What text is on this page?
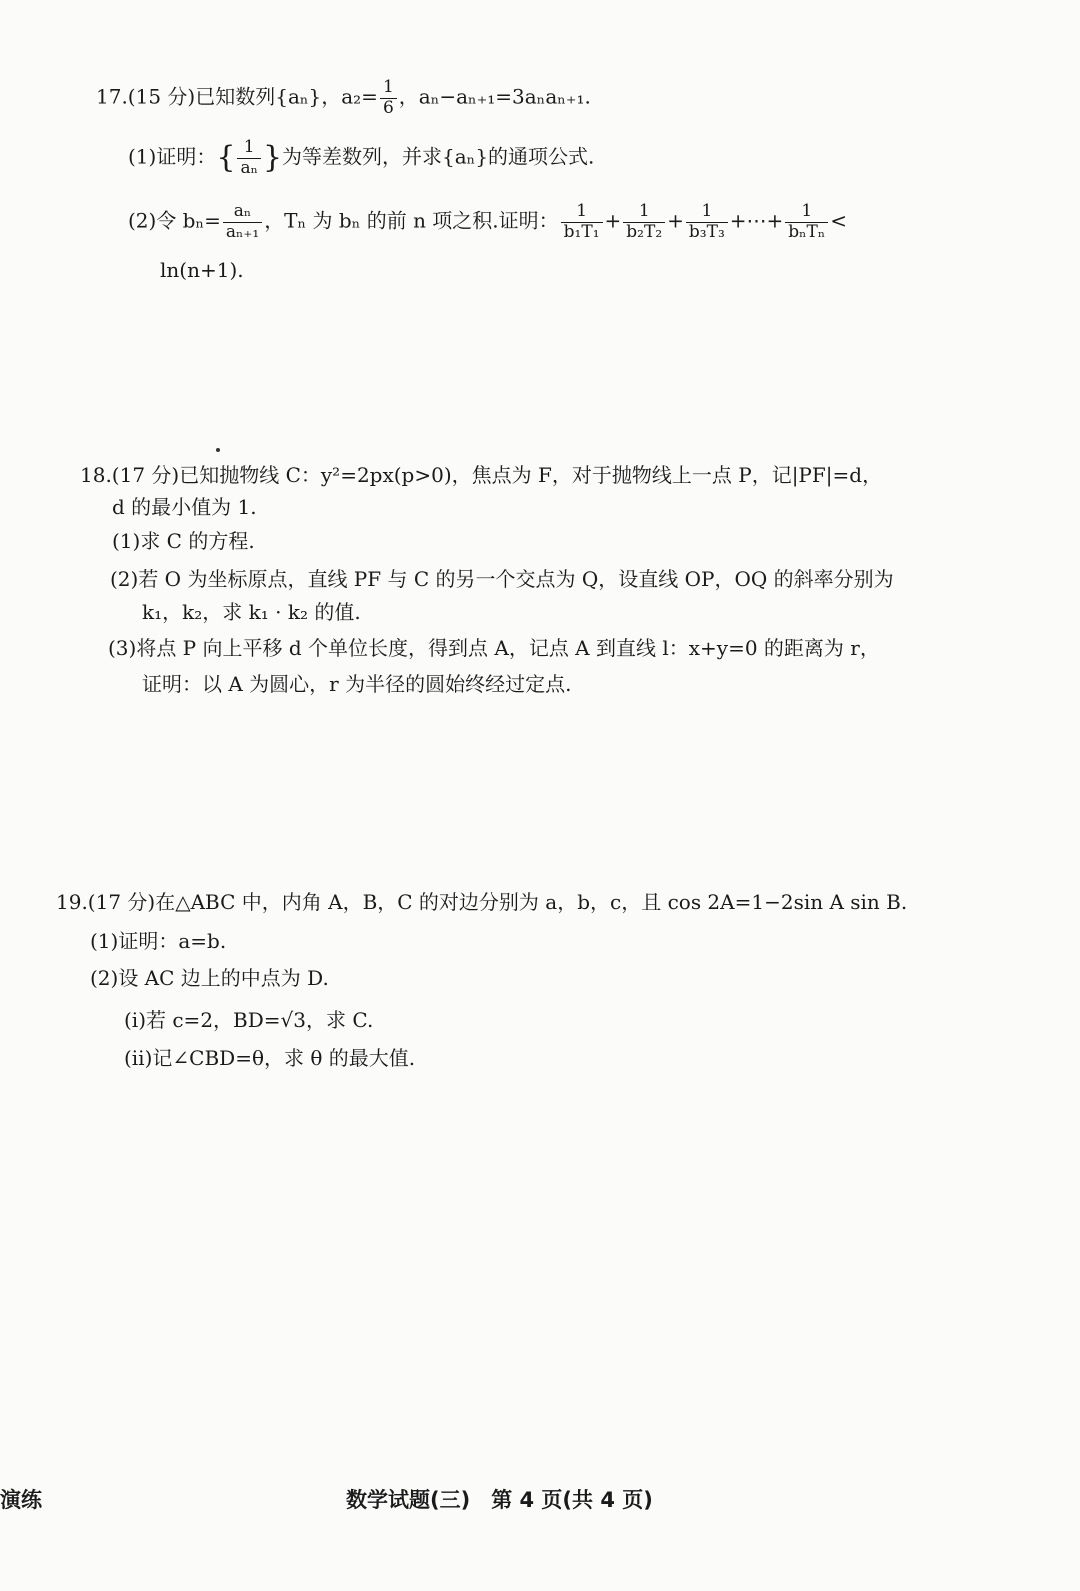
17.(15 分)已知数列{aₙ}，$a_2= \frac{1}{6}$ ，aₙ−aₙ₊₁=3aₙaₙ₊₁.
(1)证明：{ $\frac{1}{\text{aₙ}}$ }为等差数列，并求{aₙ}的通项公式.
(2)令 $b_n= \frac{\text{aₙ}}{\text{aₙ₊₁}}$ ，Tₙ 为 bₙ 的前 n 项之积.证明： $\frac{1}{\text{b₁T₁}} + \frac{1}{\text{b₂T₂}} + \frac{1}{\text{b₃T₃}}$ +⋯+ $\frac{1}{\text{bₙTₙ}}$ <
ln(n+1).
18.(17 分)已知抛物线 C：y²=2px(p>0)，焦点为 F，对于抛物线上一点 P，记|PF|=d，
d 的最小值为 1.
(1)求 C 的方程.
(2)若 O 为坐标原点，直线 PF 与 C 的另一个交点为 Q，设直线 OP，OQ 的斜率分别为
k₁，k₂，求 k₁ · k₂ 的值.
(3)将点 P 向上平移 d 个单位长度，得到点 A，记点 A 到直线 l：x+y=0 的距离为 r，
证明：以 A 为圆心，r 为半径的圆始终经过定点.
19.(17 分)在△ABC 中，内角 A，B，C 的对边分别为 a，b，c，且 cos 2A=1−2sin A sin B.
(1)证明：a=b.
(2)设 AC 边上的中点为 D.
(ⅰ)若 c=2，BD=√3，求 C.
(ⅱ)记∠CBD=θ，求 θ 的最大值.
演练	数学试题(三)　第 4 页(共 4 页)
